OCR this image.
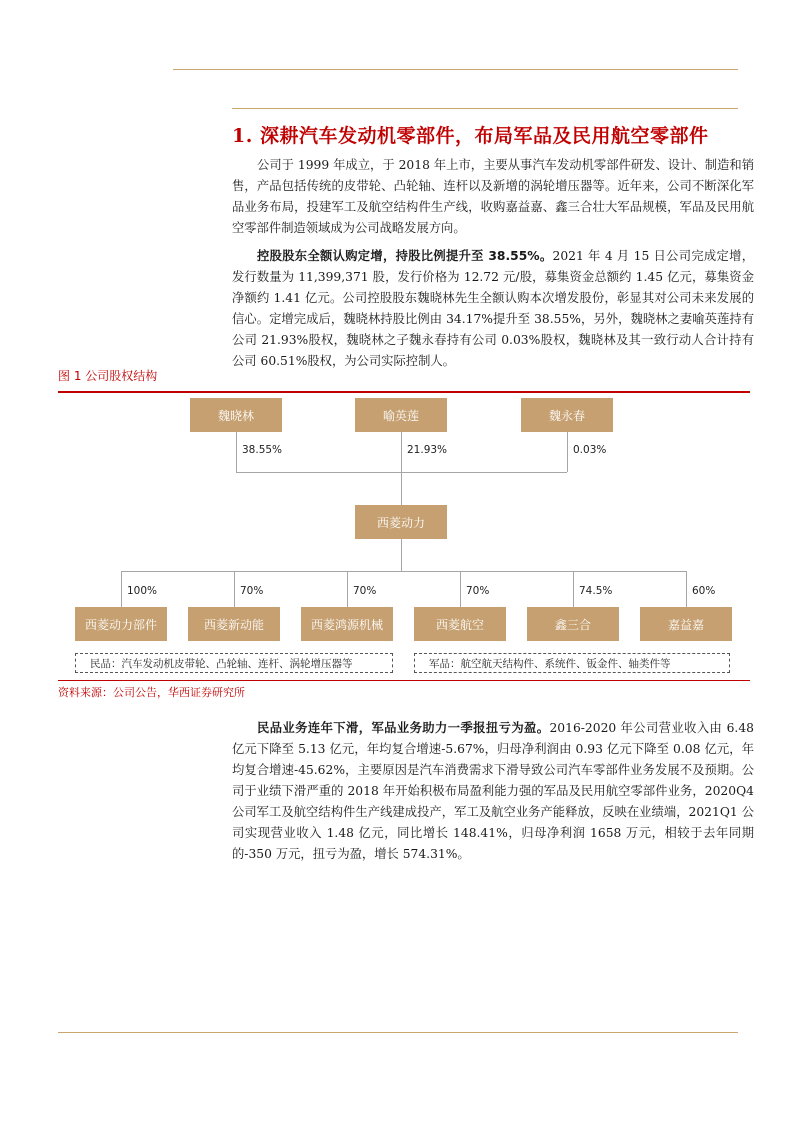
1. 深耕汽车发动机零部件，布局军品及民用航空零部件

公司于 1999 年成立，于 2018 年上市，主要从事汽车发动机零部件研发、设计、制造和销售，产品包括传统的皮带轮、凸轮轴、连杆以及新增的涡轮增压器等。近年来，公司不断深化军品业务布局，投建军工及航空结构件生产线，收购嘉益嘉、鑫三合壮大军品规模，军品及民用航空零部件制造领域成为公司战略发展方向。

控股股东全额认购定增，持股比例提升至 38.55%。2021 年 4 月 15 日公司完成定增，发行数量为 11,399,371 股，发行价格为 12.72 元/股，募集资金总额约 1.45 亿元，募集资金净额约 1.41 亿元。公司控股股东魏晓林先生全额认购本次增发股份，彰显其对公司未来发展的信心。定增完成后，魏晓林持股比例由 34.17%提升至 38.55%，另外，魏晓林之妻喻英莲持有公司 21.93%股权，魏晓林之子魏永春持有公司 0.03%股权，魏晓林及其一致行动人合计持有公司 60.51%股权，为公司实际控制人。

图 1 公司股权结构
魏晓林	喻英莲	魏永春
38.55%	21.93%	0.03%
西菱动力
100%	70%	70%	70%	74.5%	60%
西菱动力部件	西菱新动能	西菱鸿源机械	西菱航空	鑫三合	嘉益嘉
民品：汽车发动机皮带轮、凸轮轴、连杆、涡轮增压器等	军品：航空航天结构件、系统件、钣金件、轴类件等
资料来源：公司公告，华西证券研究所

民品业务连年下滑，军品业务助力一季报扭亏为盈。2016-2020 年公司营业收入由 6.48 亿元下降至 5.13 亿元，年均复合增速-5.67%，归母净利润由 0.93 亿元下降至 0.08 亿元，年均复合增速-45.62%，主要原因是汽车消费需求下滑导致公司汽车零部件业务发展不及预期。公司于业绩下滑严重的 2018 年开始积极布局盈利能力强的军品及民用航空零部件业务，2020Q4 公司军工及航空结构件生产线建成投产，军工及航空业务产能释放，反映在业绩端，2021Q1 公司实现营业收入 1.48 亿元，同比增长 148.41%，归母净利润 1658 万元，相较于去年同期的-350 万元，扭亏为盈，增长 574.31%。
